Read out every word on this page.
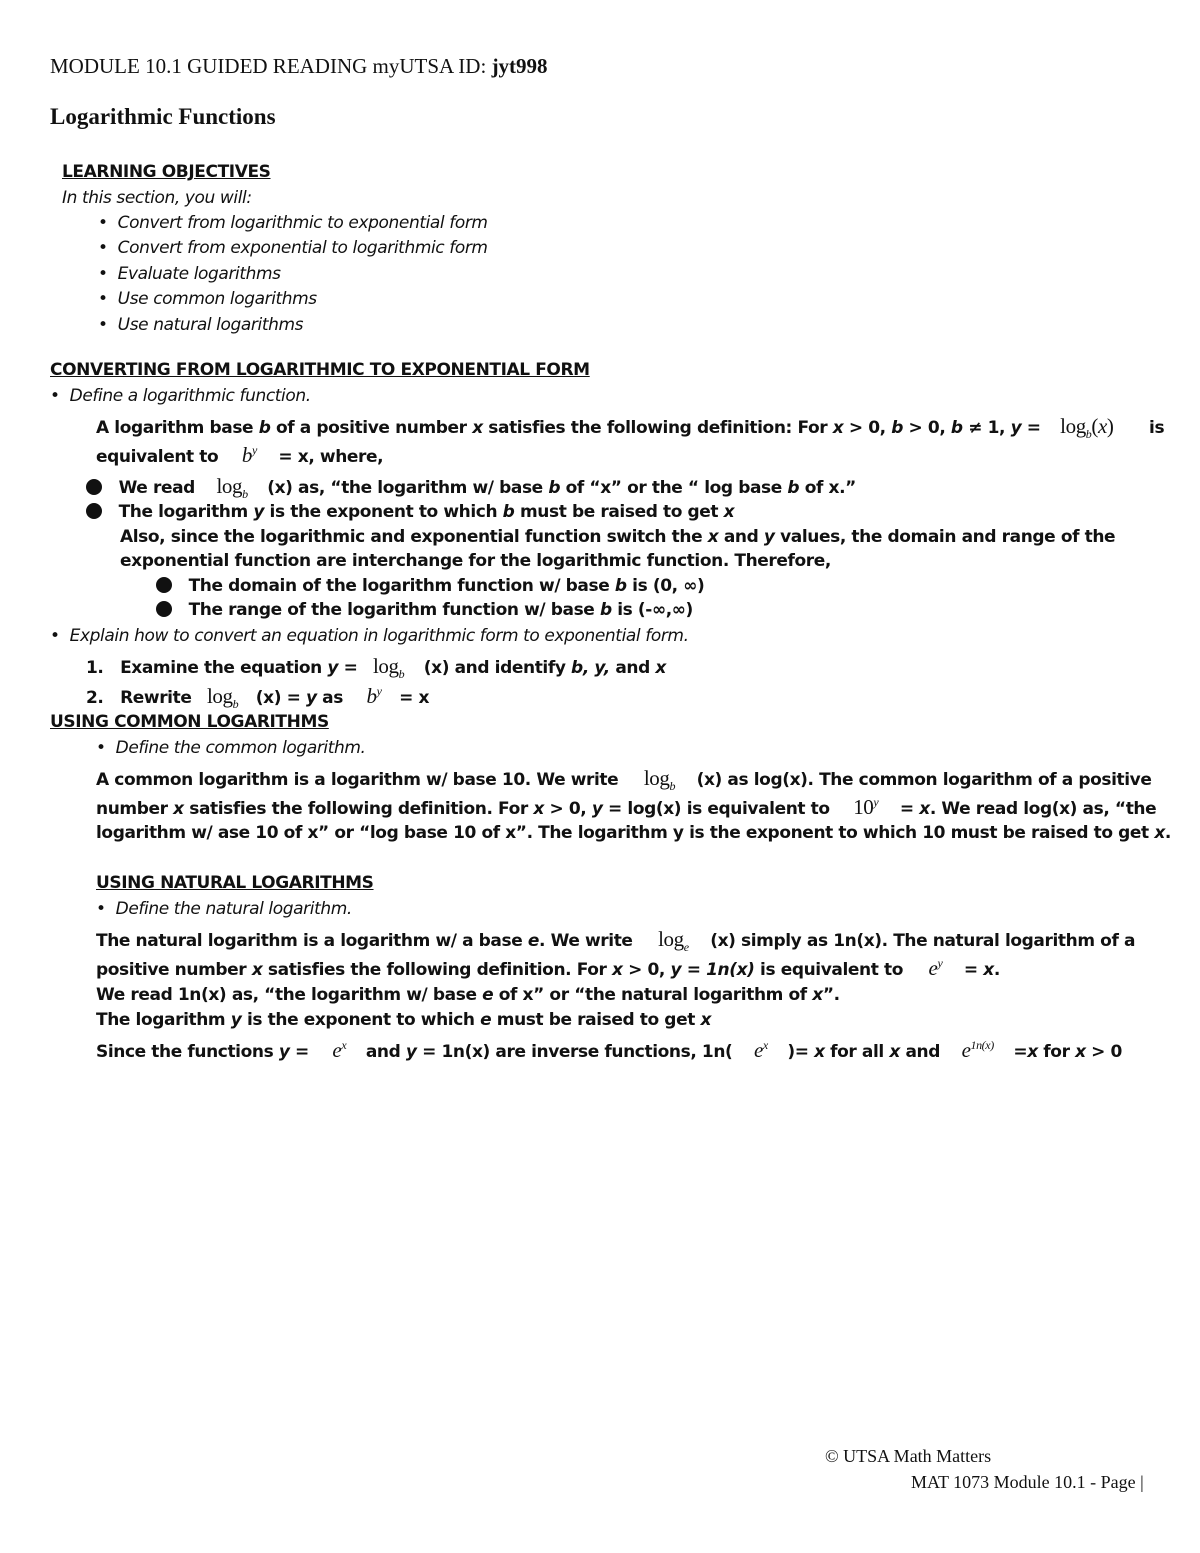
MODULE 10.1 GUIDED READING myUTSA ID: jyt998
Logarithmic Functions
LEARNING OBJECTIVES
In this section, you will:
• Convert from logarithmic to exponential form
• Convert from exponential to logarithmic form
• Evaluate logarithms
• Use common logarithms
• Use natural logarithms
CONVERTING FROM LOGARITHMIC TO EXPONENTIAL FORM
• Define a logarithmic function.
A logarithm base b of a positive number x satisfies the following definition: For x > 0, b > 0, b ≠ 1, $y = \log_b(x)$ is
equivalent to $b^y = x$, where,
We read $\log_b (x)$ as, “the logarithm w/ base b of “x” or the “ log base b of x.”
The logarithm y is the exponent to which b must be raised to get x
Also, since the logarithmic and exponential function switch the x and y values, the domain and range of the
exponential function are interchange for the logarithmic function. Therefore,
The domain of the logarithm function w/ base b is (0, ∞)
The range of the logarithm function w/ base b is (-∞,∞)
• Explain how to convert an equation in logarithmic form to exponential form.
1. Examine the equation $y = \log_b (x)$ and identify b, y, and x
2. Rewrite $\log_b (x) = y$ as $b^y = x$
USING COMMON LOGARITHMS
• Define the common logarithm.
A common logarithm is a logarithm w/ base 10. We write $\log_b (x)$ as log(x). The common logarithm of a positive
number x satisfies the following definition. For x > 0, y = log(x) is equivalent to $10^y = x$. We read log(x) as, “the
logarithm w/ ase 10 of x” or “log base 10 of x”. The logarithm y is the exponent to which 10 must be raised to get x.
USING NATURAL LOGARITHMS
• Define the natural logarithm.
The natural logarithm is a logarithm w/ a base e. We write $\log_e (x)$ simply as 1n(x). The natural logarithm of a
positive number x satisfies the following definition. For x > 0, y = 1n(x) is equivalent to $e^y = x$.
We read 1n(x) as, “the logarithm w/ base e of x” or “the natural logarithm of x”.
The logarithm y is the exponent to which e must be raised to get x
Since the functions $y = e^x$ and y = 1n(x) are inverse functions, 1n( $e^x$ )= x for all x and $e^{1n(x)} =x$ for x > 0
© UTSA Math Matters
MAT 1073 Module 10.1 - Page |
